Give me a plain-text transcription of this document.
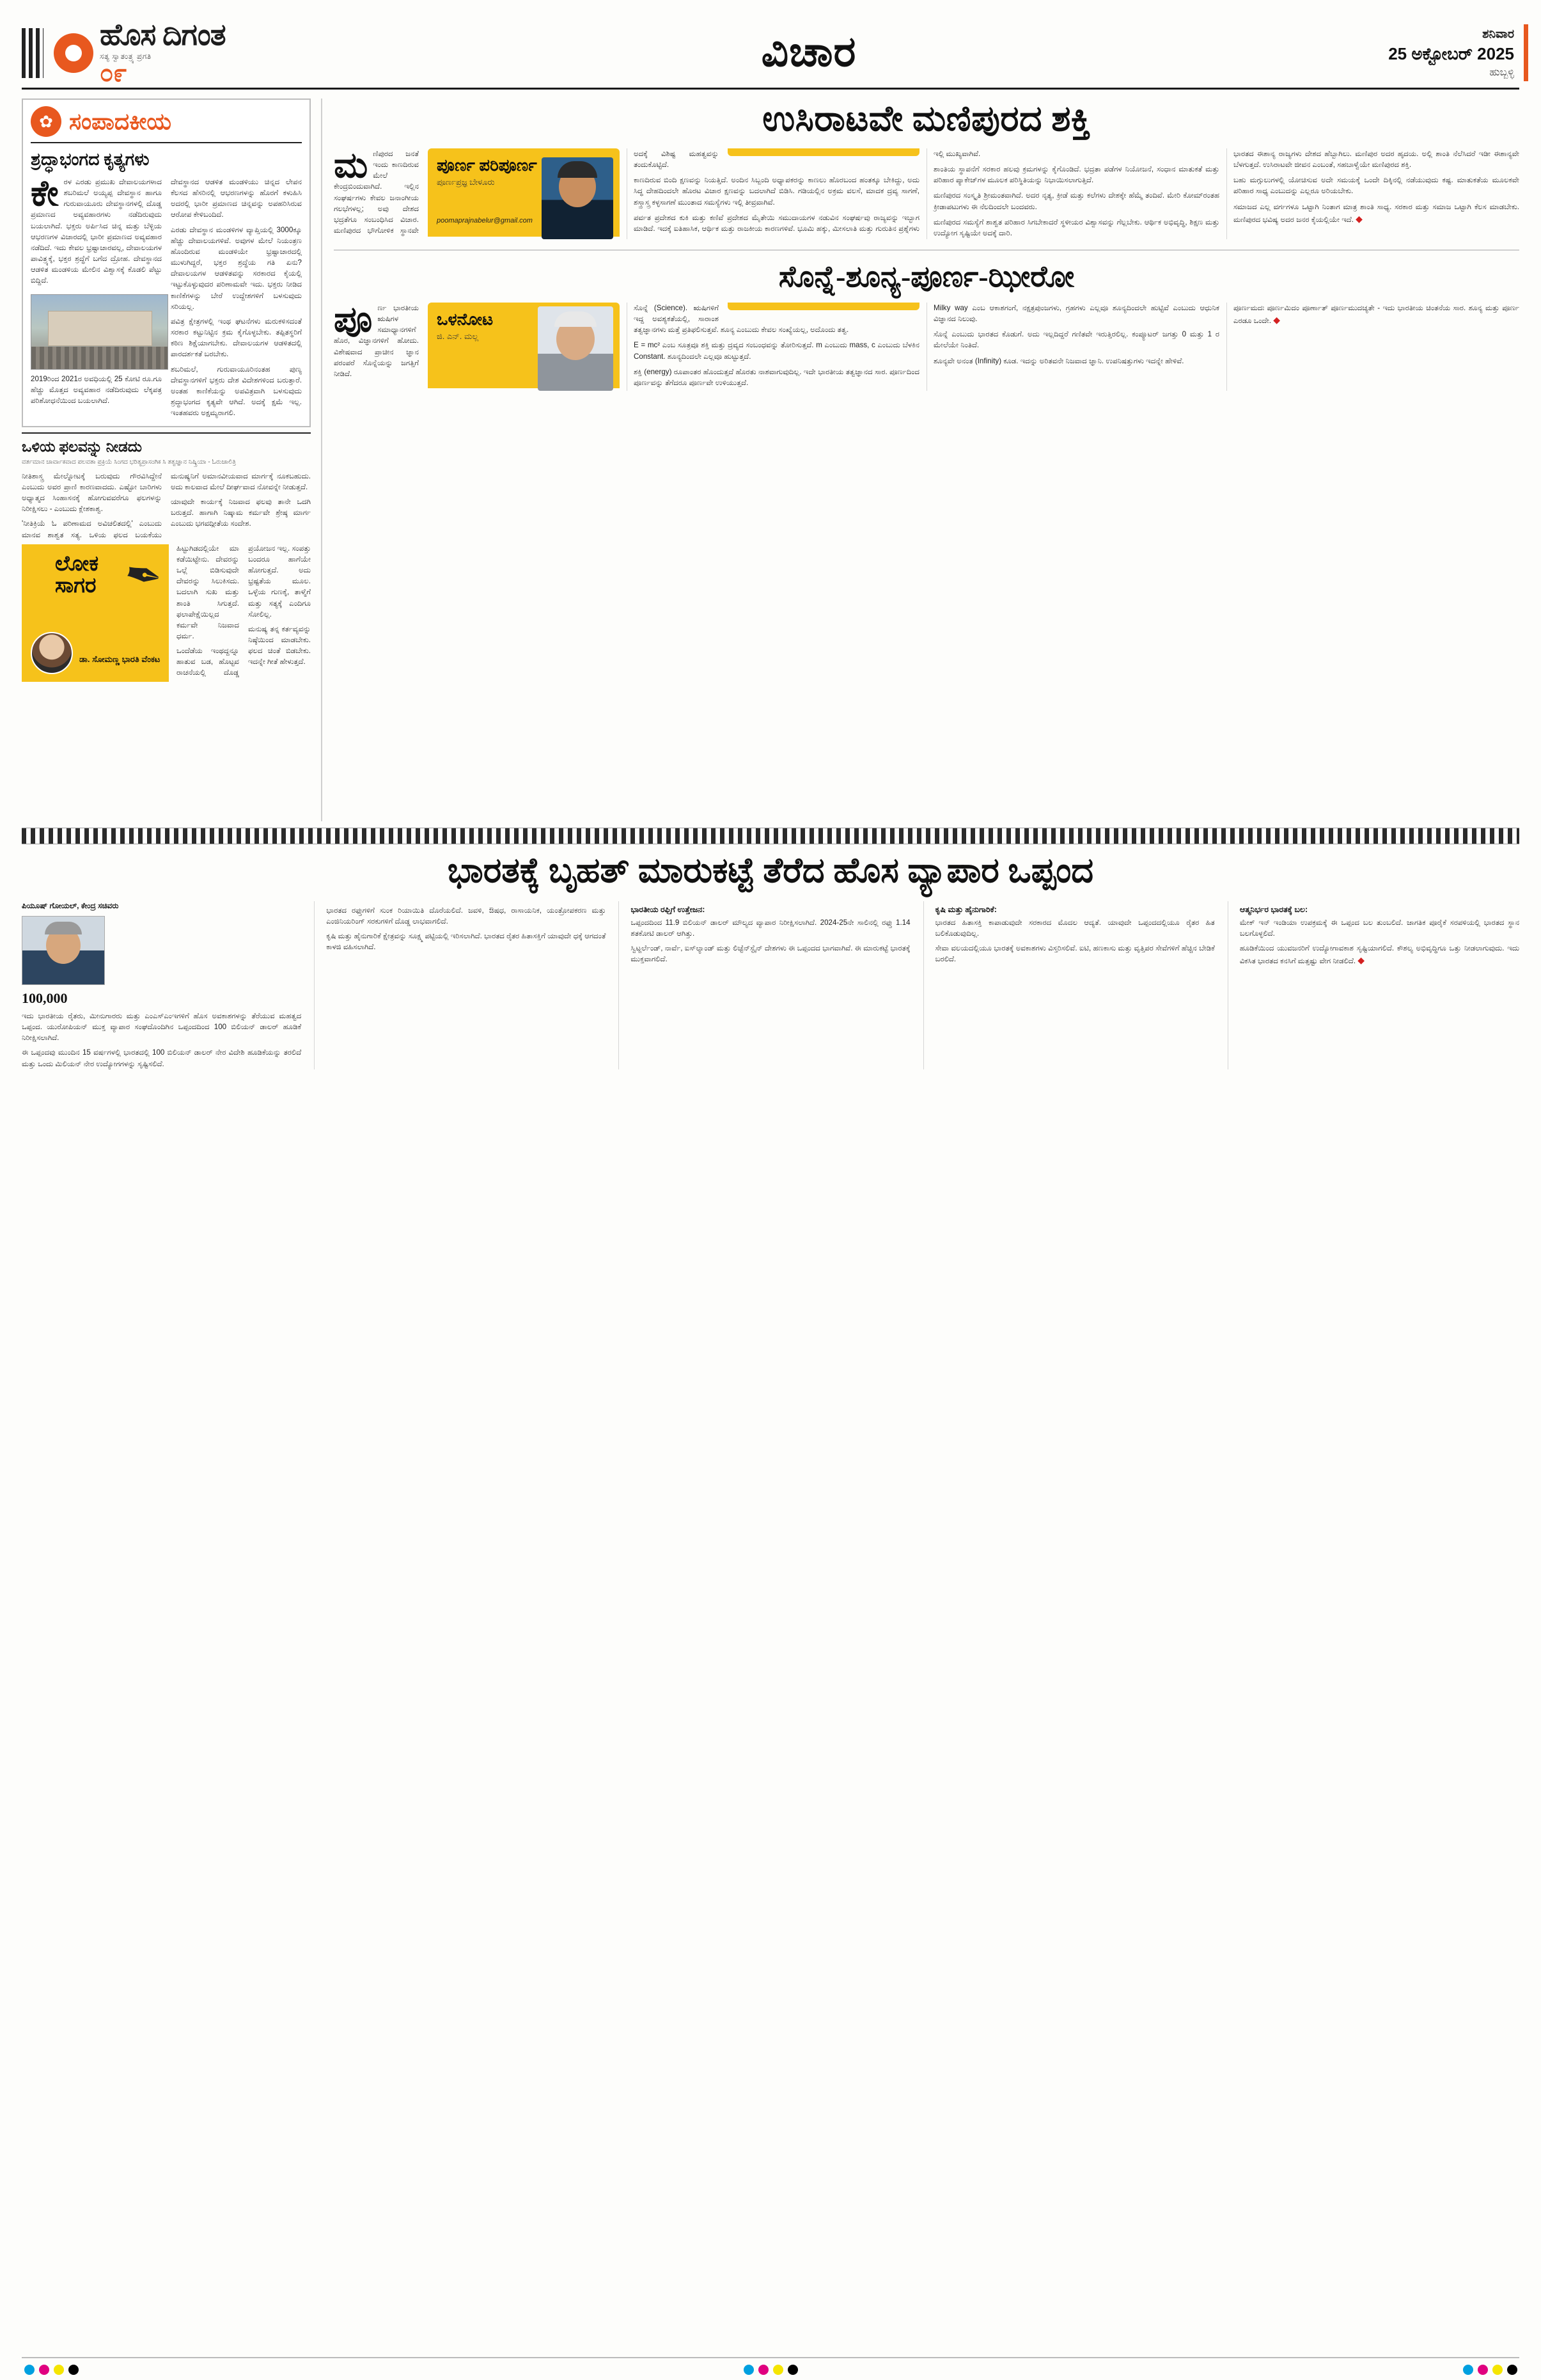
ಹೊಸ ದಿಗಂತ
ಸತ್ಯ ಸ್ವಾತಂತ್ರ್ಯ ಪ್ರಗತಿ
೦೯	ವಿಚಾರ	ಶನಿವಾರ
25 ಅಕ್ಟೋಬರ್ 2025
ಹುಬ್ಬಳ್ಳಿ
✿ ಸಂಪಾದಕೀಯ
ಶ್ರದ್ಧಾಭಂಗದ ಕೃತ್ಯಗಳು

ಕೇ ರಳ ಎರಡು ಪ್ರಮುಖ ದೇವಾಲಯಗಳಾದ ಶಬರಿಮಲೆ ಅಯ್ಯಪ್ಪ ದೇವಸ್ಥಾನ ಹಾಗೂ ಗುರುವಾಯೂರು ದೇವಸ್ಥಾನಗಳಲ್ಲಿ ದೊಡ್ಡ ಪ್ರಮಾಣದ ಅವ್ಯವಹಾರಗಳು ನಡೆದಿರುವುದು ಬಯಲಾಗಿದೆ. ಭಕ್ತರು ಅರ್ಪಿಸಿದ ಚಿನ್ನ ಮತ್ತು ಬೆಳ್ಳಿಯ ಆಭರಣಗಳ ವಿಚಾರದಲ್ಲಿ ಭಾರೀ ಪ್ರಮಾಣದ ಅವ್ಯವಹಾರ ನಡೆದಿದೆ. ಇದು ಕೇವಲ ಭ್ರಷ್ಟಾಚಾರವಲ್ಲ, ದೇವಾಲಯಗಳ ಪಾವಿತ್ರ್ಯಕ್ಕೆ, ಭಕ್ತರ ಶ್ರದ್ಧೆಗೆ ಬಗೆದ ದ್ರೋಹ. ದೇವಸ್ಥಾನದ ಆಡಳಿತ ಮಂಡಳಿಯ ಮೇಲಿನ ವಿಶ್ವಾಸಕ್ಕೆ ಕೊಡಲಿ ಪೆಟ್ಟು ಬಿದ್ದಿದೆ.

2019ರಿಂದ 2021ರ ಅವಧಿಯಲ್ಲಿ 25 ಕೋಟಿ ರೂ.ಗೂ ಹೆಚ್ಚು ಮೊತ್ತದ ಅವ್ಯವಹಾರ ನಡೆದಿರುವುದು ಲೆಕ್ಕಪತ್ರ ಪರಿಶೋಧನೆಯಿಂದ ಬಯಲಾಗಿದೆ.

ದೇವಸ್ಥಾನದ ಆಡಳಿತ ಮಂಡಳಿಯು ಚಿನ್ನದ ಲೇಪನ ಕೆಲಸದ ಹೆಸರಿನಲ್ಲಿ ಆಭರಣಗಳನ್ನು ಹೊರಗೆ ಕಳುಹಿಸಿ ಅದರಲ್ಲಿ ಭಾರೀ ಪ್ರಮಾಣದ ಚಿನ್ನವನ್ನು ಅಪಹರಿಸಿರುವ ಆರೋಪ ಕೇಳಿಬಂದಿದೆ.

ಎರಡು ದೇವಸ್ಥಾನ ಮಂಡಳಿಗಳ ವ್ಯಾಪ್ತಿಯಲ್ಲಿ 3000ಕ್ಕೂ ಹೆಚ್ಚು ದೇವಾಲಯಗಳಿವೆ. ಅವುಗಳ ಮೇಲೆ ನಿಯಂತ್ರಣ ಹೊಂದಿರುವ ಮಂಡಳಿಯೇ ಭ್ರಷ್ಟಾಚಾರದಲ್ಲಿ ಮುಳುಗಿದ್ದರೆ, ಭಕ್ತರ ಶ್ರದ್ಧೆಯ ಗತಿ ಏನು? ದೇವಾಲಯಗಳ ಆಡಳಿತವನ್ನು ಸರಕಾರದ ಕೈಯಲ್ಲಿ ಇಟ್ಟುಕೊಳ್ಳುವುದರ ಪರಿಣಾಮವೇ ಇದು. ಭಕ್ತರು ನೀಡಿದ ಕಾಣಿಕೆಗಳನ್ನು ಬೇರೆ ಉದ್ದೇಶಗಳಿಗೆ ಬಳಸುವುದು ಸರಿಯಲ್ಲ.

ಪವಿತ್ರ ಕ್ಷೇತ್ರಗಳಲ್ಲಿ ಇಂಥ ಘಟನೆಗಳು ಮರುಕಳಿಸದಂತೆ ಸರಕಾರ ಕಟ್ಟುನಿಟ್ಟಿನ ಕ್ರಮ ಕೈಗೊಳ್ಳಬೇಕು. ತಪ್ಪಿತಸ್ಥರಿಗೆ ಕಠಿಣ ಶಿಕ್ಷೆಯಾಗಬೇಕು. ದೇವಾಲಯಗಳ ಆಡಳಿತದಲ್ಲಿ ಪಾರದರ್ಶಕತೆ ಬರಬೇಕು.

ಶಬರಿಮಲೆ, ಗುರುವಾಯೂರಿನಂತಹ ಪುಣ್ಯ ದೇವಸ್ಥಾನಗಳಿಗೆ ಭಕ್ತರು ದೇಶ ವಿದೇಶಗಳಿಂದ ಬರುತ್ತಾರೆ. ಅಂತಹ ಕಾಣಿಕೆಯನ್ನು ಅಪವಿತ್ರವಾಗಿ ಬಳಸುವುದು ಶ್ರದ್ಧಾಭಂಗದ ಕೃತ್ಯವೇ ಆಗಿದೆ. ಅದಕ್ಕೆ ಕ್ಷಮೆ ಇಲ್ಲ. ಇಂತಹವರು ಅಕ್ಷಮ್ಯರಾಗಲಿ.

ಒಳಿಯ ಫಲವನ್ನು ನೀಡದು
ವರ್ತಮಾನ ಚಾರ್ವಾಕವಾದ ಪಲವತಾ ಪ್ರಕ್ರಿಯೆ ಸಿಂಗದ ಭರಿತ್ಯಪ್ರಾಸಂಗಿಕ ಸಿ ತತ್ವಜ್ಞಾನ ನಿಷ್ಕ್ರಿಯಾ - ಓರುಜಾಲಿತ್ರಿ

ನೀತಿಶಾಸ್ತ್ರ ಮೇಲ್ನೋಟಕ್ಕೆ ಬರುವುದು ಗೌರವಿಸಿದ್ದೇನೆ ಎಂಬುದು ಅವರ ಪ್ರಾಣಿ ಕಾರಣವಾದದು. ಎಷ್ಟೋ ಬಾರಿಗಳು ಅಧ್ಯಾತ್ಮದ ಸಿಂಹಾಸನಕ್ಕೆ ಹೋಗುವವರೆಗೂ ಫಲಗಳನ್ನು ನಿರೀಕ್ಷಿಸಲು - ಎಂಬುದು ಕ್ಲೇಶಕಾಶ್ವ.

'ನೀತಿಕ್ರಿಯೆ ಓ ಪರಿಣಾಮದ ಅವಿಚಲಿತದಲ್ಲಿ' ಎಂಬುದು ಮಾನವ ಶಾಶ್ವತ ಸತ್ಯ. ಒಳಿಯ ಫಲದ ಬಯಕೆಯು ಮನುಷ್ಯನಿಗೆ ಅಮಾನವೀಯವಾದ ಮಾರ್ಗಕ್ಕೆ ನೂಕಬಹುದು. ಅದು ಕಾಲವಾದ ಮೇಲೆ ದೀರ್ಘವಾದ ನೋವನ್ನೇ ನೀಡುತ್ತದೆ.

ಯಾವುದೇ ಕಾರ್ಯಕ್ಕೆ ನಿಜವಾದ ಫಲವು ತಾನೇ ಒದಗಿ ಬರುತ್ತದೆ. ಹಾಗಾಗಿ ನಿಷ್ಕಾಮ ಕರ್ಮವೇ ಶ್ರೇಷ್ಠ ಮಾರ್ಗ ಎಂಬುದು ಭಗವದ್ಗೀತೆಯ ಸಂದೇಶ.

✒
ಲೋಕ
ಸಾಗರ
ಡಾ. ಸೋಮಣ್ಣ ಭಾರತಿ ವೆಂಕಟ

ಹಿಟ್ಟುಗಿಡದಲ್ಲಿಯೇ ಮಾ ಕಡೆಯಿಟ್ಟೇನು. ದೇವರನ್ನು ಒಲ್ಲೆ ಬಿಡಿಸುವುದೇ ದೇವರನ್ನು ಸಿಲುಕಿಸದು. ಬದಲಾಗಿ ಸುಖ ಮತ್ತು ಶಾಂತಿ ಸಿಗುತ್ತದೆ. ಫಲಾಪೇಕ್ಷೆಯಿಲ್ಲದ ಕರ್ಮವೇ ನಿಜವಾದ ಧರ್ಮ.

ಒಂದೆಡೆಯ ಇಂಥದ್ದನ್ನೂ ಹಾತುವ ಬಡ, ಹೊಟ್ಟವ ರಾಚನೆಯಲ್ಲಿ ದೊಡ್ಡ ಪ್ರಯೋಜನ ಇಲ್ಲ. ಸಂಪತ್ತು ಬಂದರೂ ಹಾಗೆಯೇ ಹೋಗುತ್ತದೆ. ಅದು ಭ್ರಷ್ಟತೆಯ ಮೂಲ. ಒಳ್ಳೆಯ ಗುಣಕ್ಕೆ, ತಾಳ್ಮೆಗೆ ಮತ್ತು ಸತ್ಯಕ್ಕೆ ಎಂದಿಗೂ ಸೋಲಿಲ್ಲ.

ಮನುಷ್ಯ ತನ್ನ ಕರ್ತವ್ಯವನ್ನು ನಿಷ್ಠೆಯಿಂದ ಮಾಡಬೇಕು. ಫಲದ ಚಿಂತೆ ಬಿಡಬೇಕು. ಇದನ್ನೇ ಗೀತೆ ಹೇಳುತ್ತದೆ.

ಉಸಿರಾಟವೇ ಮಣಿಪುರದ ಶಕ್ತಿ
ಪೂರ್ಣ ಪರಿಪೂರ್ಣ
ಪೂರ್ಣಪ್ರಜ್ಞ ಬೇಳೂರು
poomaprajnabelur@gmail.com

ಮ ಣಿಪುರದ ಜನತೆ ಇಂದು ಕಾಣದಿರುವ ಮೇಲೆ ಕೇಂದ್ರಬಿಂದುವಾಗಿದೆ. ಇಲ್ಲಿನ ಸಂಘರ್ಷಗಳು ಕೇವಲ ಜನಾಂಗೀಯ ಗಲಭೆಗಳಲ್ಲ; ಅವು ದೇಶದ ಭದ್ರತೆಗೂ ಸಂಬಂಧಿಸಿದ ವಿಚಾರ. ಮಣಿಪುರದ ಭೌಗೋಳಿಕ ಸ್ಥಾನವೇ ಅದಕ್ಕೆ ವಿಶಿಷ್ಟ ಮಹತ್ವವನ್ನು ತಂದುಕೊಟ್ಟಿದೆ.

ಕಾಣದಿರುವ ಬಿಂದಿ ಕ್ಷಣವನ್ನು ನಿಯತ್ತಿದೆ. ಅಂದಿನ ಸಿಬ್ಬಂದಿ ಅಧ್ಯಾಪಕರನ್ನು ಕಾಣಲು ಹೊರಬಂದ ಹಂತಕ್ಕೂ ಬೇಕಿದ್ದು, ಅದು ಸಿದ್ಧ ದೇಹದಿಂದಲೇ ಹೊರಟ ವಿಚಾರ ಕ್ಷಣವನ್ನು ಬದಲಾಗಿದೆ ಬಿಡಿಸಿ. ಗಡಿಯಲ್ಲಿನ ಅಕ್ರಮ ವಲಸೆ, ಮಾದಕ ದ್ರವ್ಯ ಸಾಗಣೆ, ಶಸ್ತ್ರಾಸ್ತ್ರ ಕಳ್ಳಸಾಗಣೆ ಮುಂತಾದ ಸಮಸ್ಯೆಗಳು ಇಲ್ಲಿ ತೀವ್ರವಾಗಿವೆ.

ಪರ್ವತ ಪ್ರದೇಶದ ಕುಕಿ ಮತ್ತು ಕಣಿವೆ ಪ್ರದೇಶದ ಮೈತೇಯಿ ಸಮುದಾಯಗಳ ನಡುವಿನ ಸಂಘರ್ಷವು ರಾಜ್ಯವನ್ನು ಇಬ್ಭಾಗ ಮಾಡಿದೆ. ಇದಕ್ಕೆ ಐತಿಹಾಸಿಕ, ಆರ್ಥಿಕ ಮತ್ತು ರಾಜಕೀಯ ಕಾರಣಗಳಿವೆ. ಭೂಮಿ ಹಕ್ಕು, ಮೀಸಲಾತಿ ಮತ್ತು ಗುರುತಿನ ಪ್ರಶ್ನೆಗಳು ಇಲ್ಲಿ ಮುಖ್ಯವಾಗಿವೆ.

ಶಾಂತಿಯ ಸ್ಥಾಪನೆಗೆ ಸರಕಾರ ಹಲವು ಕ್ರಮಗಳನ್ನು ಕೈಗೊಂಡಿದೆ. ಭದ್ರತಾ ಪಡೆಗಳ ನಿಯೋಜನೆ, ಸಂಧಾನ ಮಾತುಕತೆ ಮತ್ತು ಪರಿಹಾರ ಪ್ಯಾಕೇಜ್‌ಗಳ ಮೂಲಕ ಪರಿಸ್ಥಿತಿಯನ್ನು ನಿಭಾಯಿಸಲಾಗುತ್ತಿದೆ.

ಮಣಿಪುರದ ಸಂಸ್ಕೃತಿ ಶ್ರೀಮಂತವಾಗಿದೆ. ಅದರ ನೃತ್ಯ, ಕ್ರೀಡೆ ಮತ್ತು ಕಲೆಗಳು ದೇಶಕ್ಕೇ ಹೆಮ್ಮೆ ತಂದಿವೆ. ಮೇರಿ ಕೋಮ್‌ರಂತಹ ಕ್ರೀಡಾಪಟುಗಳು ಈ ನೆಲದಿಂದಲೇ ಬಂದವರು.

ಮಣಿಪುರದ ಸಮಸ್ಯೆಗೆ ಶಾಶ್ವತ ಪರಿಹಾರ ಸಿಗಬೇಕಾದರೆ ಸ್ಥಳೀಯರ ವಿಶ್ವಾಸವನ್ನು ಗೆಲ್ಲಬೇಕು. ಆರ್ಥಿಕ ಅಭಿವೃದ್ಧಿ, ಶಿಕ್ಷಣ ಮತ್ತು ಉದ್ಯೋಗ ಸೃಷ್ಟಿಯೇ ಅದಕ್ಕೆ ದಾರಿ.

ಭಾರತದ ಈಶಾನ್ಯ ರಾಜ್ಯಗಳು ದೇಶದ ಹೆಬ್ಬಾಗಿಲು. ಮಣಿಪುರ ಅದರ ಹೃದಯ. ಅಲ್ಲಿ ಶಾಂತಿ ನೆಲೆಸಿದರೆ ಇಡೀ ಈಶಾನ್ಯವೇ ಬೆಳಗುತ್ತದೆ. ಉಸಿರಾಟವೇ ಜೀವನ ಎಂಬಂತೆ, ಸಹಬಾಳ್ವೆಯೇ ಮಣಿಪುರದ ಶಕ್ತಿ.

ಬಹು ಮಗ್ಗುಲುಗಳಲ್ಲಿ ಯೋಚಿಸುವ ಅದೇ ಸಮಯಕ್ಕೆ ಒಂದೇ ದಿಕ್ಕಿನಲ್ಲಿ ನಡೆಯುವುದು ಕಷ್ಟ. ಮಾತುಕತೆಯ ಮೂಲಕವೇ ಪರಿಹಾರ ಸಾಧ್ಯ ಎಂಬುದನ್ನು ಎಲ್ಲರೂ ಅರಿಯಬೇಕು.

ಸಮಾಜದ ಎಲ್ಲ ವರ್ಗಗಳೂ ಒಟ್ಟಾಗಿ ನಿಂತಾಗ ಮಾತ್ರ ಶಾಂತಿ ಸಾಧ್ಯ. ಸರಕಾರ ಮತ್ತು ಸಮಾಜ ಒಟ್ಟಾಗಿ ಕೆಲಸ ಮಾಡಬೇಕು. ಮಣಿಪುರದ ಭವಿಷ್ಯ ಅದರ ಜನರ ಕೈಯಲ್ಲಿಯೇ ಇದೆ. ◆

ಸೊನ್ನೆ-ಶೂನ್ಯ-ಪೂರ್ಣ-ಝೀರೋ
ಒಳನೋಟ
ಜಿ. ಎನ್. ಮಲ್ಲ

ಪೂ ರ್ಣ ಭಾರತೀಯ ಋಷಿಗಳ ಸಮಾಧ್ಯಾನಗಳಿಗೆ ಹೊರ, ವಿಜ್ಞಾನಗಳಿಗೆ ಹೋದು. ವಿಶೇಷವಾದ ಪ್ರಾಚೀನ ಜ್ಞಾನ ಪರಂಪರೆ ಸೊನ್ನೆಯನ್ನು ಜಗತ್ತಿಗೆ ನೀಡಿದೆ.

ಸೊನ್ನೆ (Science). ಋಷಿಗಳಿಗೆ ಇದ್ದ ಅವಶ್ಯಕತೆಯಲ್ಲಿ, ಸಾರಾಂಶ ತತ್ವಜ್ಞಾನಗಳು ಮತ್ತೆ ಪ್ರತಿಫಲಿಸುತ್ತವೆ. ಶೂನ್ಯ ಎಂಬುದು ಕೇವಲ ಸಂಖ್ಯೆಯಲ್ಲ, ಅದೊಂದು ತತ್ವ.

E = mc² ಎಂಬ ಸೂತ್ರವೂ ಶಕ್ತಿ ಮತ್ತು ದ್ರವ್ಯದ ಸಂಬಂಧವನ್ನು ತೋರಿಸುತ್ತದೆ. m ಎಂಬುದು mass, c ಎಂಬುದು ಬೆಳಕಿನ Constant. ಶೂನ್ಯದಿಂದಲೇ ಎಲ್ಲವೂ ಹುಟ್ಟುತ್ತದೆ.

ಶಕ್ತಿ (energy) ರೂಪಾಂತರ ಹೊಂದುತ್ತದೆ ಹೊರತು ನಾಶವಾಗುವುದಿಲ್ಲ. ಇದೇ ಭಾರತೀಯ ತತ್ವಜ್ಞಾನದ ಸಾರ. ಪೂರ್ಣದಿಂದ ಪೂರ್ಣವನ್ನು ತೆಗೆದರೂ ಪೂರ್ಣವೇ ಉಳಿಯುತ್ತದೆ.

Milky way ಎಂಬ ಆಕಾಶಗಂಗೆ, ನಕ್ಷತ್ರಪುಂಜಗಳು, ಗ್ರಹಗಳು ಎಲ್ಲವೂ ಶೂನ್ಯದಿಂದಲೇ ಹುಟ್ಟಿವೆ ಎಂಬುದು ಆಧುನಿಕ ವಿಜ್ಞಾನದ ನಿಲುವು.

ಸೊನ್ನೆ ಎಂಬುದು ಭಾರತದ ಕೊಡುಗೆ. ಅದು ಇಲ್ಲದಿದ್ದರೆ ಗಣಿತವೇ ಇರುತ್ತಿರಲಿಲ್ಲ. ಕಂಪ್ಯೂಟರ್ ಜಗತ್ತು 0 ಮತ್ತು 1 ರ ಮೇಲೆಯೇ ನಿಂತಿದೆ.

ಶೂನ್ಯವೇ ಅನಂತ (Infinity) ಕೂಡ. ಇದನ್ನು ಅರಿತವನೇ ನಿಜವಾದ ಜ್ಞಾನಿ. ಉಪನಿಷತ್ತುಗಳು ಇದನ್ನೇ ಹೇಳಿವೆ.

ಪೂರ್ಣಮದಃ ಪೂರ್ಣಮಿದಂ ಪೂರ್ಣಾತ್ ಪೂರ್ಣಮುದಚ್ಯತೇ - ಇದು ಭಾರತೀಯ ಚಿಂತನೆಯ ಸಾರ. ಶೂನ್ಯ ಮತ್ತು ಪೂರ್ಣ ಎರಡೂ ಒಂದೇ. ◆

ಭಾರತಕ್ಕೆ ಬೃಹತ್ ಮಾರುಕಟ್ಟೆ ತೆರೆದ ಹೊಸ ವ್ಯಾಪಾರ ಒಪ್ಪಂದ
ಪಿಯೂಷ್ ಗೋಯಲ್, ಕೇಂದ್ರ ಸಚಿವರು
100,000

ಇದು ಭಾರತೀಯ ರೈತರು, ಮೀನುಗಾರರು ಮತ್ತು ಎಂಎಸ್‌ಎಂಇಗಳಿಗೆ ಹೊಸ ಅವಕಾಶಗಳನ್ನು ತೆರೆಯುವ ಮಹತ್ವದ ಒಪ್ಪಂದ. ಯುರೋಪಿಯನ್ ಮುಕ್ತ ವ್ಯಾಪಾರ ಸಂಘದೊಂದಿಗಿನ ಒಪ್ಪಂದದಿಂದ 100 ಬಿಲಿಯನ್ ಡಾಲರ್ ಹೂಡಿಕೆ ನಿರೀಕ್ಷಿಸಲಾಗಿದೆ.

ಈ ಒಪ್ಪಂದವು ಮುಂದಿನ 15 ವರ್ಷಗಳಲ್ಲಿ ಭಾರತದಲ್ಲಿ 100 ಬಿಲಿಯನ್ ಡಾಲರ್ ನೇರ ವಿದೇಶಿ ಹೂಡಿಕೆಯನ್ನು ತರಲಿದೆ ಮತ್ತು ಒಂದು ಮಿಲಿಯನ್ ನೇರ ಉದ್ಯೋಗಗಳನ್ನು ಸೃಷ್ಟಿಸಲಿದೆ.

ಭಾರತದ ರಫ್ತುಗಳಿಗೆ ಸುಂಕ ರಿಯಾಯಿತಿ ದೊರೆಯಲಿದೆ. ಜವಳಿ, ಔಷಧ, ರಾಸಾಯನಿಕ, ಯಂತ್ರೋಪಕರಣ ಮತ್ತು ಎಂಜಿನಿಯರಿಂಗ್ ಸರಕುಗಳಿಗೆ ದೊಡ್ಡ ಲಾಭವಾಗಲಿದೆ.

ಕೃಷಿ ಮತ್ತು ಹೈನುಗಾರಿಕೆ ಕ್ಷೇತ್ರವನ್ನು ಸೂಕ್ಷ್ಮ ಪಟ್ಟಿಯಲ್ಲಿ ಇರಿಸಲಾಗಿದೆ. ಭಾರತದ ರೈತರ ಹಿತಾಸಕ್ತಿಗೆ ಯಾವುದೇ ಧಕ್ಕೆ ಆಗದಂತೆ ಕಾಳಜಿ ವಹಿಸಲಾಗಿದೆ.

ಭಾರತೀಯ ರಫ್ತಿಗೆ ಉತ್ತೇಜನ:

ಒಪ್ಪಂದದಿಂದ 11.9 ಬಿಲಿಯನ್ ಡಾಲರ್ ಮೌಲ್ಯದ ವ್ಯಾಪಾರ ನಿರೀಕ್ಷಿಸಲಾಗಿದೆ. 2024-25ನೇ ಸಾಲಿನಲ್ಲಿ ರಫ್ತು 1.14 ಶತಕೋಟಿ ಡಾಲರ್ ಆಗಿತ್ತು.

ಸ್ವಿಟ್ಜರ್ಲೆಂಡ್, ನಾರ್ವೆ, ಐಸ್‌ಲ್ಯಾಂಡ್ ಮತ್ತು ಲಿಚ್ಟೆನ್‌ಸ್ಟೈನ್ ದೇಶಗಳು ಈ ಒಪ್ಪಂದದ ಭಾಗವಾಗಿವೆ. ಈ ಮಾರುಕಟ್ಟೆ ಭಾರತಕ್ಕೆ ಮುಕ್ತವಾಗಲಿದೆ.

ಕೃಷಿ ಮತ್ತು ಹೈನುಗಾರಿಕೆ:

ಭಾರತದ ಹಿತಾಸಕ್ತಿ ಕಾಪಾಡುವುದೇ ಸರಕಾರದ ಮೊದಲ ಆದ್ಯತೆ. ಯಾವುದೇ ಒಪ್ಪಂದದಲ್ಲಿಯೂ ರೈತರ ಹಿತ ಬಲಿಕೊಡುವುದಿಲ್ಲ.

ಸೇವಾ ವಲಯದಲ್ಲಿಯೂ ಭಾರತಕ್ಕೆ ಅವಕಾಶಗಳು ವಿಸ್ತರಿಸಲಿವೆ. ಐಟಿ, ಹಣಕಾಸು ಮತ್ತು ವೃತ್ತಿಪರ ಸೇವೆಗಳಿಗೆ ಹೆಚ್ಚಿನ ಬೇಡಿಕೆ ಬರಲಿದೆ.

ಆತ್ಮನಿರ್ಭರ ಭಾರತಕ್ಕೆ ಬಲ:

ಮೇಕ್ ಇನ್ ಇಂಡಿಯಾ ಉಪಕ್ರಮಕ್ಕೆ ಈ ಒಪ್ಪಂದ ಬಲ ತುಂಬಲಿದೆ. ಜಾಗತಿಕ ಪೂರೈಕೆ ಸರಪಳಿಯಲ್ಲಿ ಭಾರತದ ಸ್ಥಾನ ಬಲಗೊಳ್ಳಲಿದೆ.

ಹೂಡಿಕೆಯಿಂದ ಯುವಜನರಿಗೆ ಉದ್ಯೋಗಾವಕಾಶ ಸೃಷ್ಟಿಯಾಗಲಿದೆ. ಕೌಶಲ್ಯ ಅಭಿವೃದ್ಧಿಗೂ ಒತ್ತು ನೀಡಲಾಗುವುದು. ಇದು ವಿಕಸಿತ ಭಾರತದ ಕನಸಿಗೆ ಮತ್ತಷ್ಟು ವೇಗ ನೀಡಲಿದೆ. ◆
